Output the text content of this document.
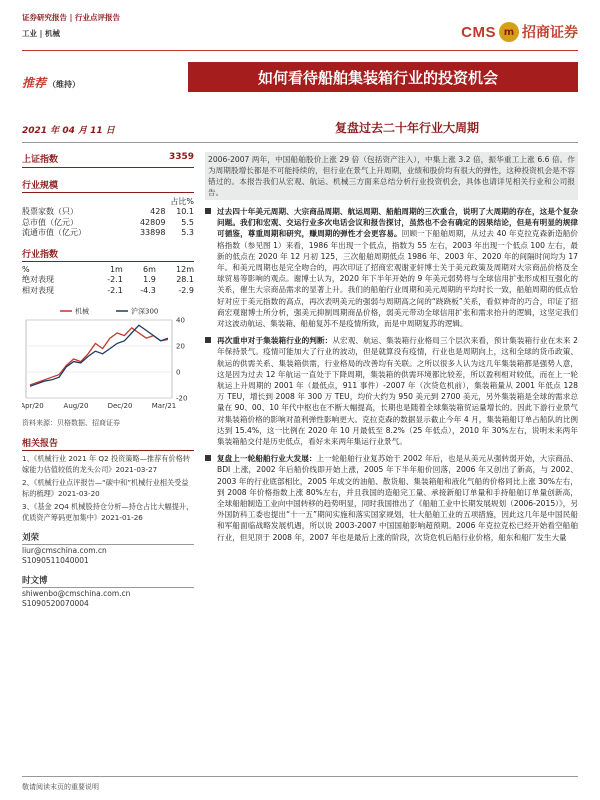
证券研究报告 | 行业点评报告
工业 | 机械	CMS m 招商证券
推荐 （维持）	如何看待船舶集装箱行业的投资机会
2021 年 04 月 11 日	复盘过去二十年行业大周期
上证指数	3359
行业规模
占比%
股票家数（只）	428	10.1
总市值（亿元）	42809	5.5
流通市值（亿元）	33898	5.3
行业指数
%	1m	6m	12m
绝对表现	-2.1	1.9	28.1
相对表现	-2.1	-4.3	-2.9
40
20
0
-20
Apr/20	Aug/20	Dec/20	Mar/21
机械	沪深300
资料来源：贝格数据、招商证券
相关报告

1、《机械行业 2021 年 Q2 投资策略—推荐有价格转嫁能力估值较低的龙头公司》2021-03-27

2、《机械行业点评报告—“碳中和”机械行业相关受益标的梳理》2021-03-20

3、《基金 2Q4 机械股持仓分析—持仓占比大幅提升，优质资产筹码更加集中》2021-01-26

刘荣
liur@cmschina.com.cn
S1090511040001
时文博
shiwenbo@cmschina.com.cn
S1090520070004
2006-2007 两年，中国船舶股价上涨 29 倍（包括资产注入），中集上涨 3.2 倍，振华重工上涨 6.6 倍。作为周期股增长都是不可能持续的，但行业在景气上升周期，业绩和股价均有很大的弹性，这种投资机会是不容错过的。本报告我们从宏观、航运、机械三方面来总结分析行业投资机会，具体也请详见相关行业和公司报告。
过去四十年美元周期、大宗商品周期、航运周期、船舶周期的三次重合，说明了大周期的存在，这是个复杂问题。我们和宏观、交运行业多次电话会议和报告探讨，虽然也不会有确定的因果结论，但是有明显的规律可循鉴，尊重周期和研究，赚周期的弹性才会更容易。回顾一下船舶周期，从过去 40 年克拉克森新造船价格指数（参见图 1）来看，1986 年出现一个低点，指数为 55 左右，2003 年出现一个低点 100 左右，最新的低点在 2020 年 12 月初 125，三次船舶周期低点 1986 年、2003 年、2020 年的间隔时间均为 17 年。和美元周期也是完全吻合的，再次印证了招商宏观谢亚轩博士关于美元政策及周期对大宗商品价格及全球贸易等影响的观点。谢博士认为，2020 年下半年开始的 9 年美元弱势将与全球信用扩张形成相互强化的关系，催生大宗商品需求的显著上升。我们的船舶行业周期和美元周期的平均时长一致，船舶周期的低点恰好对应于美元指数的高点，再次表明美元的强弱与周期高之间的“跷跷板”关系，看似神奇的巧合，印证了招商宏观谢博士所分析，强美元抑制周期商品价格，弱美元带动全球信用扩张和需求抬升的逻辑，这坚定我们对这波动航运、集装箱、船舶复苏不是疫情所致，而是中周期复苏的逻辑。
再次重申对于集装箱行业的判断：从宏观、航运、集装箱行业格局三个层次来看，预计集装箱行业在未来 2 年保持景气。疫情可能加大了行业的波动，但是就算没有疫情，行业也是周期向上，这和全球的货币政策、航运的供需关系、集装箱供需，行业格局的改善均有关联。之所以很多人认为这几年集装箱都是强势人意，这是因为过去 12 年航运一直处于下降周期，集装箱的供需环境都比较差，所以盈利相对较低，而在上一轮航运上升周期的 2001 年（最低点，911 事件）-2007 年（次贷危机前），集装箱量从 2001 年低点 128 万 TEU，增长到 2008 年 300 万 TEU，均价大约为 950 美元到 2700 美元，另外集装箱是全球的需求总量在 90、00、10 年代中枢也在不断大幅提高，长期也是随着全球集装箱贸运量增长的。因此下游行业景气对集装箱价格的影响对盈利弹性影响更大。克拉克森的数据显示截止今年 4 月，集装箱船订单占船队的比例达到 15.4%，这一比例在 2020 年 10 月最低至 8.2%（25 年低点），2010 年 30%左右，说明未来两年集装箱船交付是历史低点，看好未来两年集运行业景气。
复盘上一轮船舶行业大发展：上一轮船舶行业复苏始于 2002 年后，也是从美元从强转弱开始，大宗商品、BDI 上涨，2002 年后船价线即开始上涨，2005 年下半年船价回落，2006 年又创出了新高，与 2002、2003 年的行业底部相比，2005 年成交的油船、散货船、集装箱船和液化气船的价格同比上涨 30%左右，到 2008 年价格指数上涨 80%左右，并且我国的造船完工量、承接新船订单量和手持船舶订单量创新高，全球船舶制造工业向中国转移的趋势明显，同时我国推出了《船舶工业中长期发展规划（2006-2015）》，另外国防科工委也提出“十一五”期间实施和落实国家规划，壮大船舶工业的五项措施，因此这几年是中国民船和军船面临战略发展机遇，所以说 2003-2007 中国国舶影响超预期。2006 年克拉克松已经开始看空船舶行业，但见顶于 2008 年，2007 年也是最后上涨的阶段，次贷危机后船行业价格，船东和船厂发生大量
敬请阅读末页的重要说明
